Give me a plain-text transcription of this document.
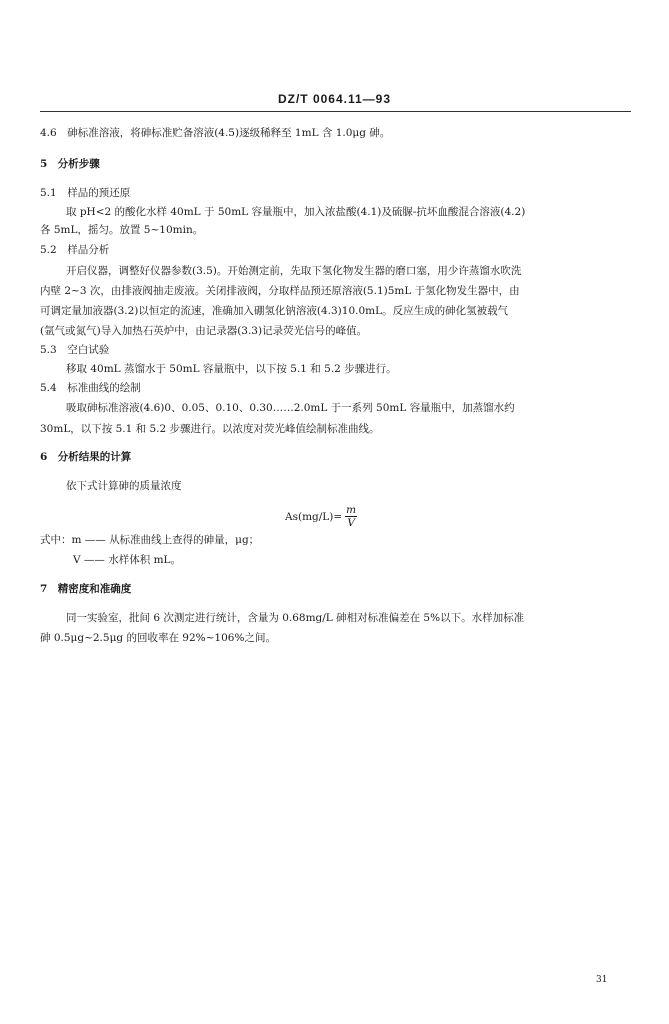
DZ/T 0064.11—93
4.6　砷标准溶液，将砷标准贮备溶液(4.5)逐级稀释至 1mL 含 1.0μg 砷。
5　分析步骤
5.1　样品的预还原
取 pH<2 的酸化水样 40mL 于 50mL 容量瓶中，加入浓盐酸(4.1)及硫脲-抗坏血酸混合溶液(4.2)
各 5mL，摇匀。放置 5~10min。
5.2　样品分析
开启仪器，调整好仪器参数(3.5)。开始测定前，先取下氢化物发生器的磨口塞，用少许蒸馏水吹洗
内壁 2~3 次，由排液阀抽走废液。关闭排液阀，分取样品预还原溶液(5.1)5mL 于氢化物发生器中，由
可调定量加液器(3.2)以恒定的流速，准确加入硼氢化钠溶液(4.3)10.0mL。反应生成的砷化氢被载气
(氩气或氮气)导入加热石英炉中，由记录器(3.3)记录荧光信号的峰值。
5.3　空白试验
移取 40mL 蒸馏水于 50mL 容量瓶中，以下按 5.1 和 5.2 步骤进行。
5.4　标准曲线的绘制
吸取砷标准溶液(4.6)0、0.05、0.10、0.30……2.0mL 于一系列 50mL 容量瓶中，加蒸馏水约
30mL，以下按 5.1 和 5.2 步骤进行。以浓度对荧光峰值绘制标准曲线。
6　分析结果的计算
依下式计算砷的质量浓度
$As(mg/L)= \frac{m}{V}$
式中：m —— 从标准曲线上查得的砷量，μg；
V —— 水样体积 mL。
7　精密度和准确度
同一实验室，批间 6 次测定进行统计，含量为 0.68mg/L 砷相对标准偏差在 5%以下。水样加标准
砷 0.5μg~2.5μg 的回收率在 92%~106%之间。
31
